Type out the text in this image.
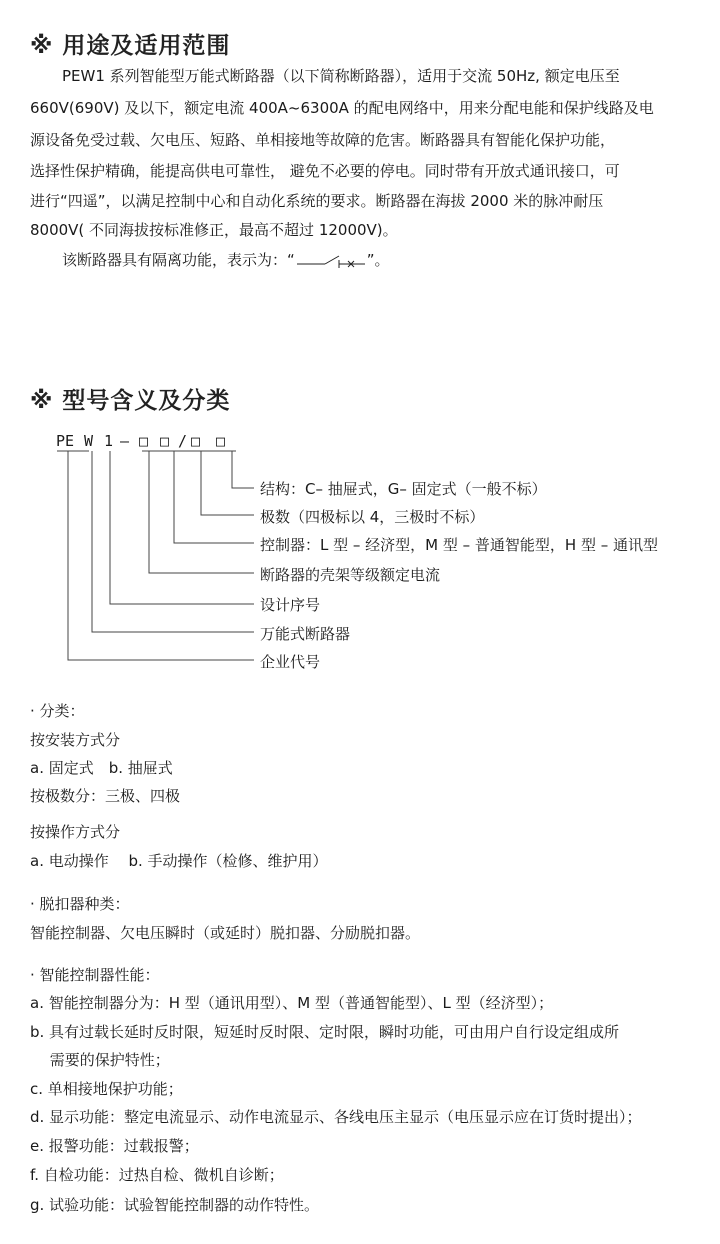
※ 用途及适用范围
PEW1 系列智能型万能式断路器（以下简称断路器），适用于交流 50Hz, 额定电压至
660V(690V) 及以下，额定电流 400A~6300A 的配电网络中，用来分配电能和保护线路及电
源设备免受过载、欠电压、短路、单相接地等故障的危害。断路器具有智能化保护功能，
选择性保护精确，能提高供电可靠性， 避免不必要的停电。同时带有开放式通讯接口，可
进行“四遥”，以满足控制中心和自动化系统的要求。断路器在海拔 2000 米的脉冲耐压
8000V( 不同海拔按标准修正，最高不超过 12000V)。
该断路器具有隔离功能，表示为：“	”。
※ 型号含义及分类
PE W 1 – □ □ / □ □
结构：C– 抽屉式，G– 固定式（一般不标）
极数（四极标以 4，三极时不标）
控制器：L 型 – 经济型，M 型 – 普通智能型，H 型 – 通讯型
断路器的壳架等级额定电流
设计序号
万能式断路器
企业代号
· 分类：
按安装方式分
a. 固定式　b. 抽屉式
按极数分：三极、四极
按操作方式分
a. 电动操作　 b. 手动操作（检修、维护用）
· 脱扣器种类：
智能控制器、欠电压瞬时（或延时）脱扣器、分励脱扣器。
· 智能控制器性能：
a. 智能控制器分为：H 型（通讯用型）、M 型（普通智能型）、L 型（经济型）；
b. 具有过载长延时反时限，短延时反时限、定时限，瞬时功能，可由用户自行设定组成所
　 需要的保护特性；
c. 单相接地保护功能；
d. 显示功能：整定电流显示、动作电流显示、各线电压主显示（电压显示应在订货时提出）；
e. 报警功能：过载报警；
f. 自检功能：过热自检、微机自诊断；
g. 试验功能：试验智能控制器的动作特性。
